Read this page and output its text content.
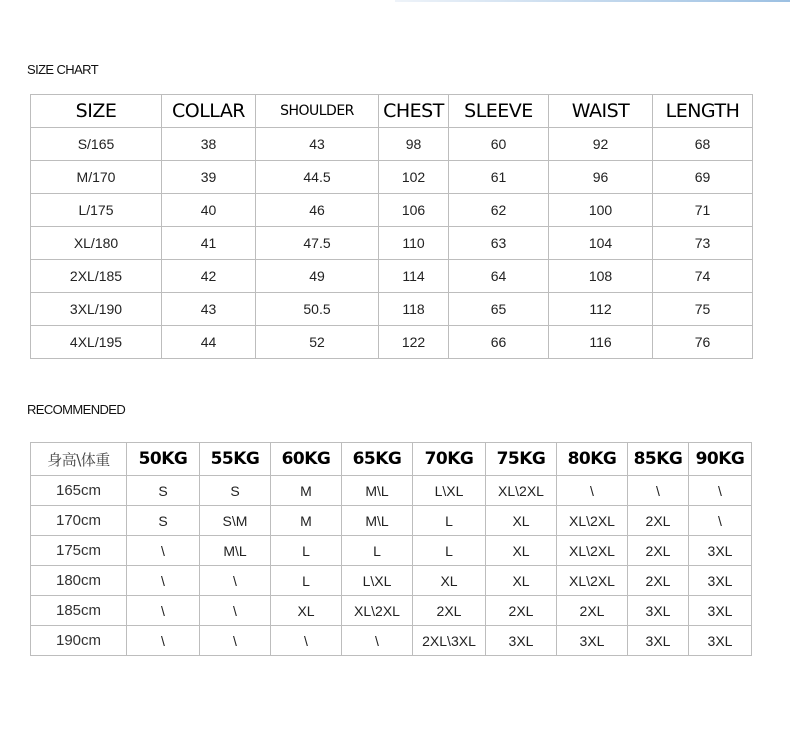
SIZE CHART
SIZE	COLLAR	SHOULDER	CHEST	SLEEVE	WAIST	LENGTH
S/165	38	43	98	60	92	68
M/170	39	44.5	102	61	96	69
L/175	40	46	106	62	100	71
XL/180	41	47.5	110	63	104	73
2XL/185	42	49	114	64	108	74
3XL/190	43	50.5	118	65	112	75
4XL/195	44	52	122	66	116	76
RECOMMENDED
身高\体重	50KG	55KG	60KG	65KG	70KG	75KG	80KG	85KG	90KG
165cm	S	S	M	M\L	L\XL	XL\2XL	\	\	\
170cm	S	S\M	M	M\L	L	XL	XL\2XL	2XL	\
175cm	\	M\L	L	L	L	XL	XL\2XL	2XL	3XL
180cm	\	\	L	L\XL	XL	XL	XL\2XL	2XL	3XL
185cm	\	\	XL	XL\2XL	2XL	2XL	2XL	3XL	3XL
190cm	\	\	\	\	2XL\3XL	3XL	3XL	3XL	3XL
